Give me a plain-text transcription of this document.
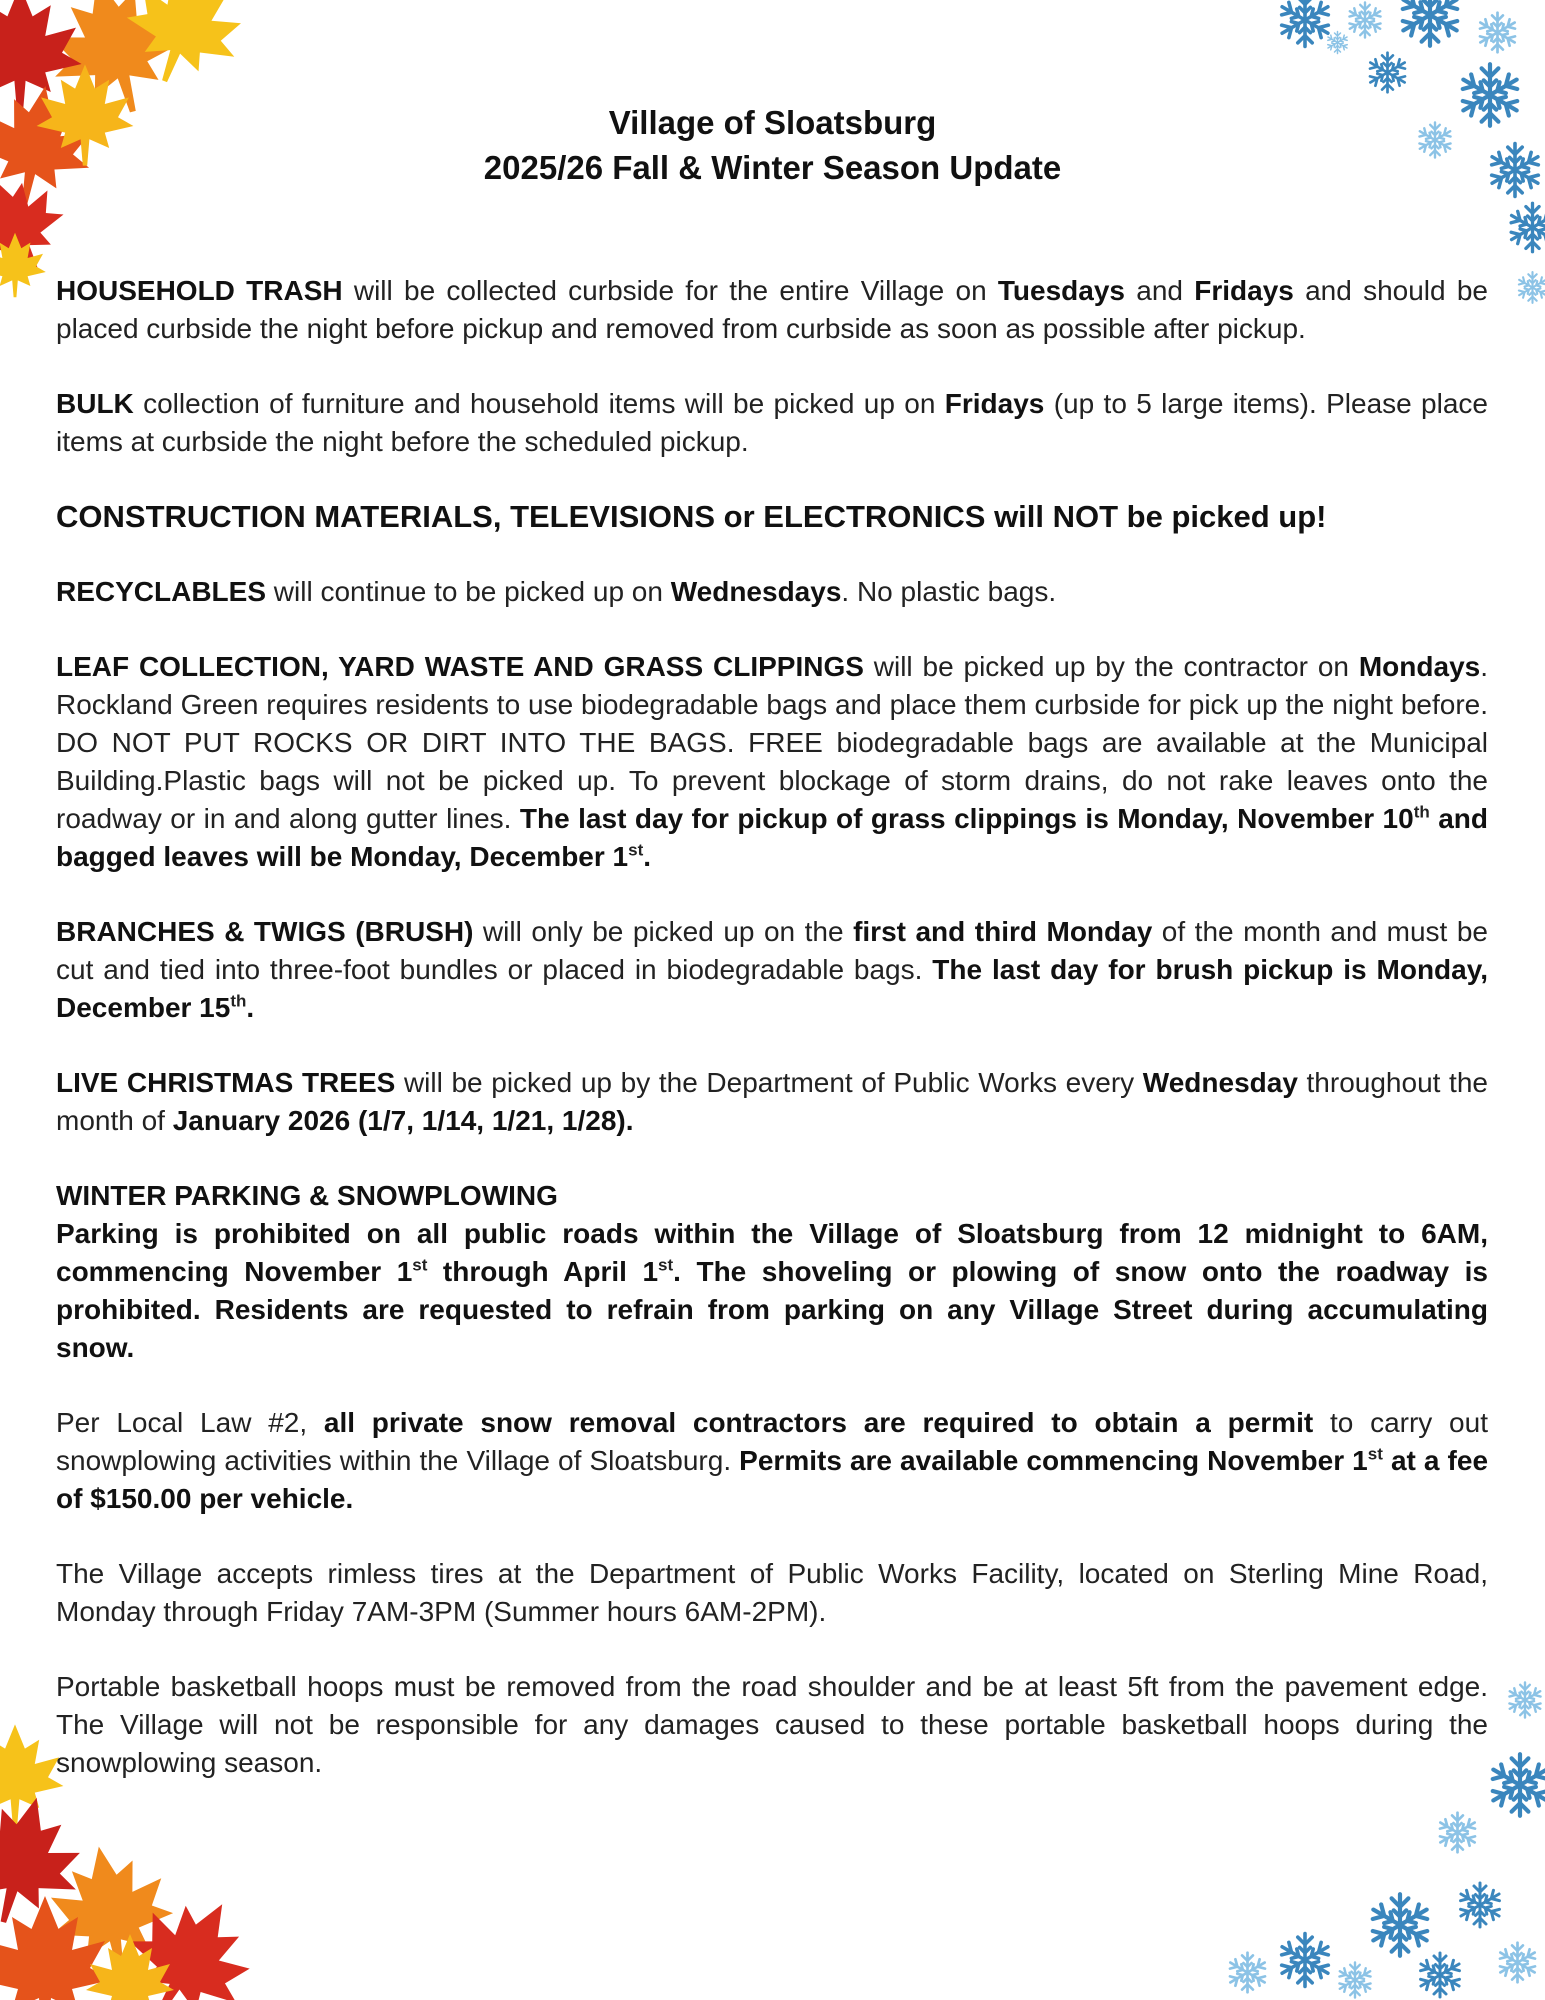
Village of Sloatsburg
2025/26 Fall & Winter Season Update

HOUSEHOLD TRASH will be collected curbside for the entire Village on Tuesdays and Fridays and should be placed curbside the night before pickup and removed from curbside as soon as possible after pickup.

BULK collection of furniture and household items will be picked up on Fridays (up to 5 large items). Please place items at curbside the night before the scheduled pickup.

CONSTRUCTION MATERIALS, TELEVISIONS or ELECTRONICS will NOT be picked up!

RECYCLABLES will continue to be picked up on Wednesdays. No plastic bags.

LEAF COLLECTION, YARD WASTE AND GRASS CLIPPINGS will be picked up by the contractor on Mondays. Rockland Green requires residents to use biodegradable bags and place them curbside for pick up the night before. DO NOT PUT ROCKS OR DIRT INTO THE BAGS. FREE biodegradable bags are available at the Municipal Building.Plastic bags will not be picked up. To prevent blockage of storm drains, do not rake leaves onto the roadway or in and along gutter lines. The last day for pickup of grass clippings is Monday, November 10th and bagged leaves will be Monday, December 1st.

BRANCHES & TWIGS (BRUSH) will only be picked up on the first and third Monday of the month and must be cut and tied into three-foot bundles or placed in biodegradable bags. The last day for brush pickup is Monday, December 15th.

LIVE CHRISTMAS TREES will be picked up by the Department of Public Works every Wednesday throughout the month of January 2026 (1/7, 1/14, 1/21, 1/28).

WINTER PARKING & SNOWPLOWING
Parking is prohibited on all public roads within the Village of Sloatsburg from 12 midnight to 6AM, commencing November 1st through April 1st. The shoveling or plowing of snow onto the roadway is prohibited. Residents are requested to refrain from parking on any Village Street during accumulating snow.

Per Local Law #2, all private snow removal contractors are required to obtain a permit to carry out snowplowing activities within the Village of Sloatsburg. Permits are available commencing November 1st at a fee of $150.00 per vehicle.

The Village accepts rimless tires at the Department of Public Works Facility, located on Sterling Mine Road, Monday through Friday 7AM-3PM (Summer hours 6AM-2PM).

Portable basketball hoops must be removed from the road shoulder and be at least 5ft from the pavement edge. The Village will not be responsible for any damages caused to these portable basketball hoops during the snowplowing season.
